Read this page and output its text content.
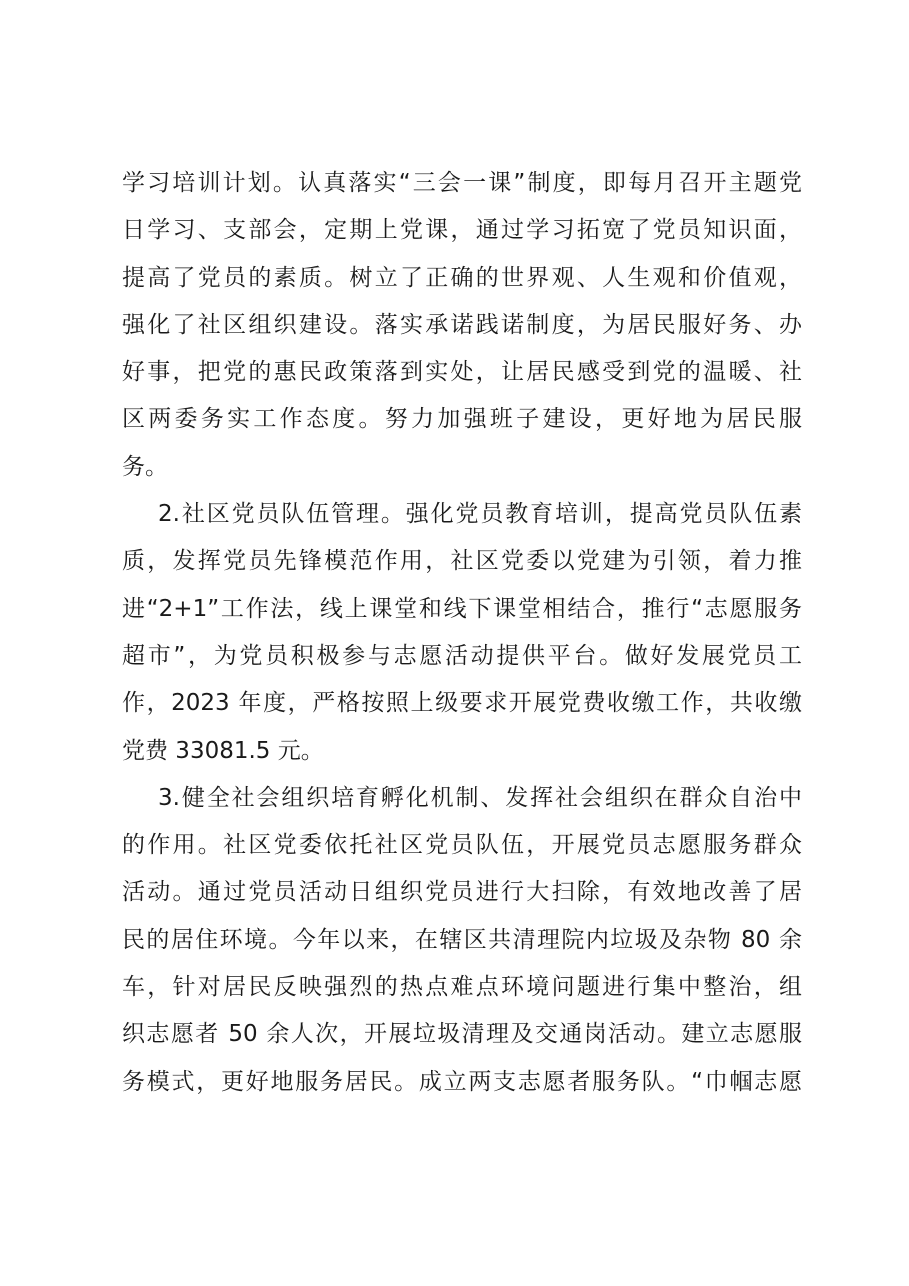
学习培训计划。认真落实“三会一课”制度，即每月召开主题党
日学习、支部会，定期上党课，通过学习拓宽了党员知识面，
提高了党员的素质。树立了正确的世界观、人生观和价值观，
强化了社区组织建设。落实承诺践诺制度，为居民服好务、办
好事，把党的惠民政策落到实处，让居民感受到党的温暖、社
区两委务实工作态度。努力加强班子建设，更好地为居民服
务。
2.社区党员队伍管理。强化党员教育培训，提高党员队伍素
质，发挥党员先锋模范作用，社区党委以党建为引领，着力推
进“2+1”工作法，线上课堂和线下课堂相结合，推行“志愿服务
超市”，为党员积极参与志愿活动提供平台。做好发展党员工
作，2023 年度，严格按照上级要求开展党费收缴工作，共收缴
党费 33081.5 元。
3.健全社会组织培育孵化机制、发挥社会组织在群众自治中
的作用。社区党委依托社区党员队伍，开展党员志愿服务群众
活动。通过党员活动日组织党员进行大扫除，有效地改善了居
民的居住环境。今年以来，在辖区共清理院内垃圾及杂物 80 余
车，针对居民反映强烈的热点难点环境问题进行集中整治，组
织志愿者 50 余人次，开展垃圾清理及交通岗活动。建立志愿服
务模式，更好地服务居民。成立两支志愿者服务队。“巾帼志愿
